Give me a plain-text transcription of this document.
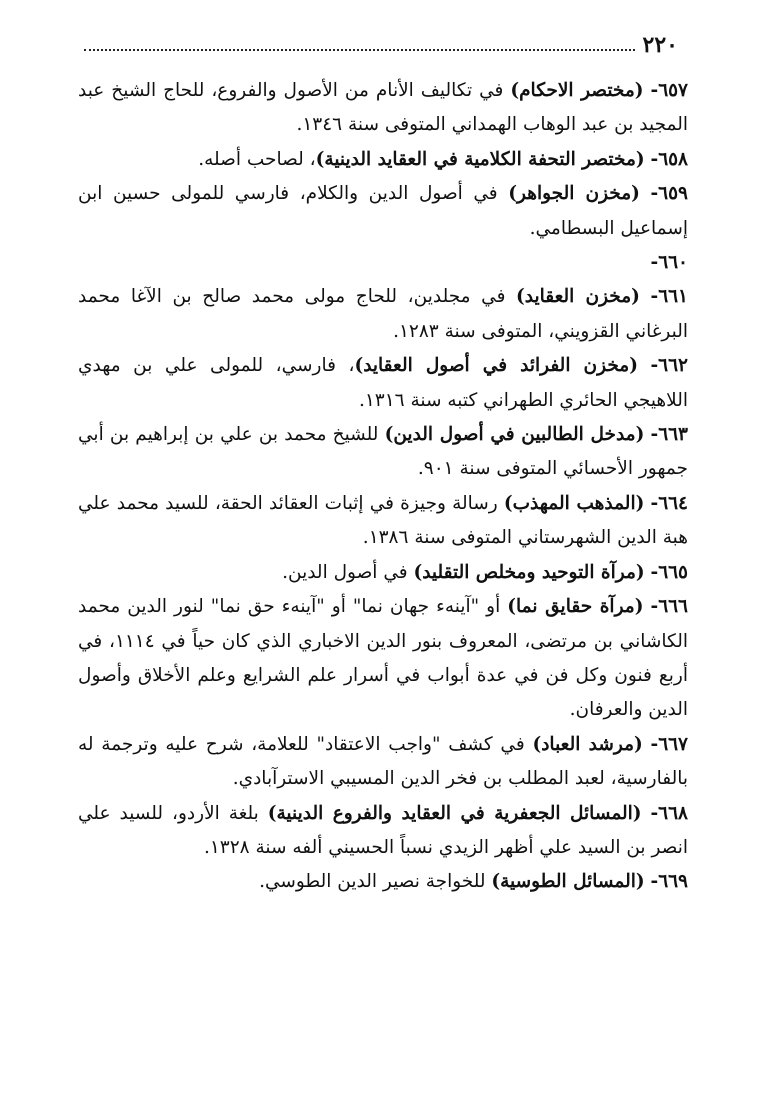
٢٢٠

٦٥٧- (مختصر الاحكام) في تكاليف الأنام من الأصول والفروع، للحاج الشيخ عبد المجيد بن عبد الوهاب الهمداني المتوفى سنة ١٣٤٦.

٦٥٨- (مختصر التحفة الكلامية في العقايد الدينية)، لصاحب أصله.

٦٥٩- (مخزن الجواهر) في أصول الدين والكلام، فارسي للمولى حسين ابن إسماعيل البسطامي.

٦٦٠-

٦٦١- (مخزن العقايد) في مجلدين، للحاج مولى محمد صالح بن الآغا محمد البرغاني القزويني، المتوفى سنة ١٢٨٣.

٦٦٢- (مخزن الفرائد في أصول العقايد)، فارسي، للمولى علي بن مهدي اللاهيجي الحائري الطهراني كتبه سنة ١٣١٦.

٦٦٣- (مدخل الطالبين في أصول الدين) للشيخ محمد بن علي بن إبراهيم بن أبي جمهور الأحسائي المتوفى سنة ٩٠١.

٦٦٤- (المذهب المهذب) رسالة وجيزة في إثبات العقائد الحقة، للسيد محمد علي هبة الدين الشهرستاني المتوفى سنة ١٣٨٦.

٦٦٥- (مرآة التوحيد ومخلص التقليد) في أصول الدين.

٦٦٦- (مرآة حقايق نما) أو "آينهء جهان نما" أو "آينهء حق نما" لنور الدين محمد الكاشاني بن مرتضى، المعروف بنور الدين الاخباري الذي كان حياً في ١١١٤، في أربع فنون وكل فن في عدة أبواب في أسرار علم الشرايع وعلم الأخلاق وأصول الدين والعرفان.

٦٦٧- (مرشد العباد) في كشف "واجب الاعتقاد" للعلامة، شرح عليه وترجمة له بالفارسية، لعبد المطلب بن فخر الدين المسيبي الاسترآبادي.

٦٦٨- (المسائل الجعفرية في العقايد والفروع الدينية) بلغة الأردو، للسيد علي انصر بن السيد علي أظهر الزيدي نسباً الحسيني ألفه سنة ١٣٢٨.

٦٦٩- (المسائل الطوسية) للخواجة نصير الدين الطوسي.
